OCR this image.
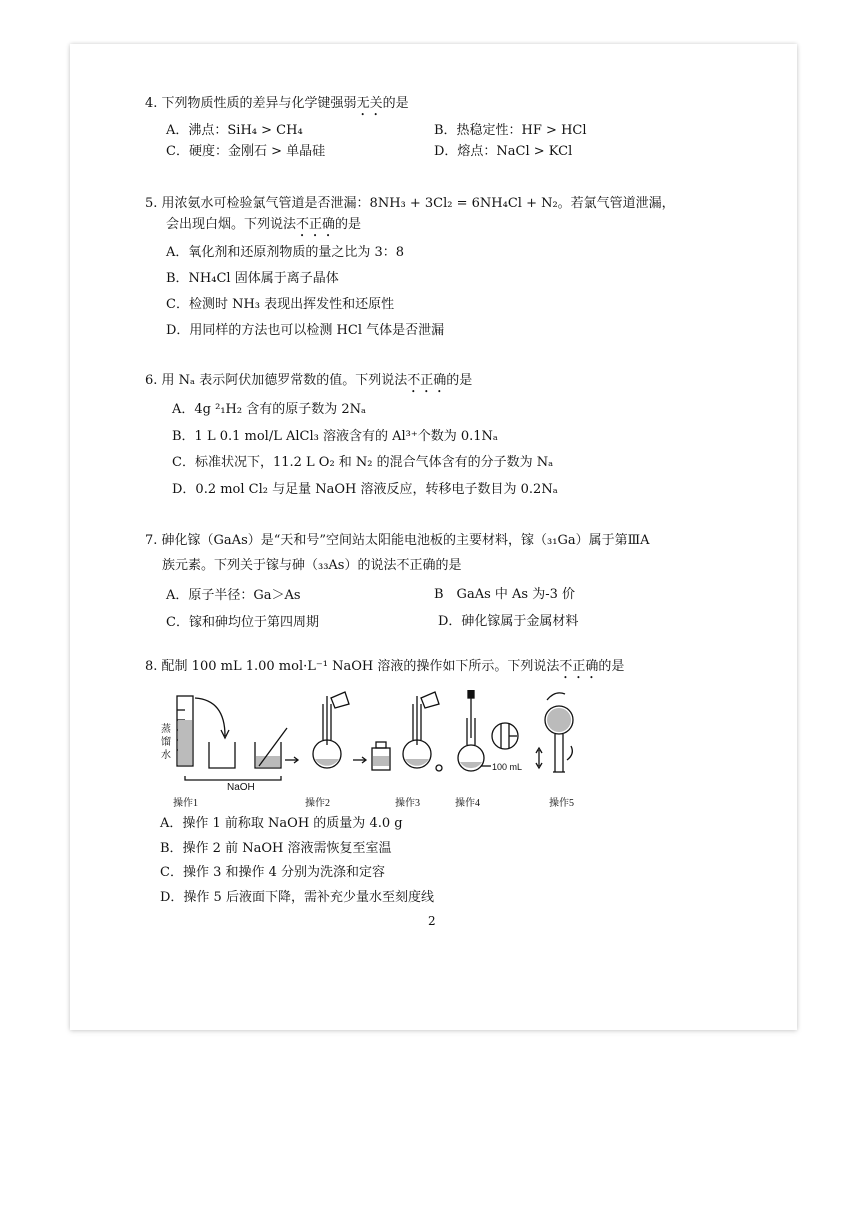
4. 下列物质性质的差异与化学键强弱无关的是
A．沸点：SiH₄ > CH₄	B．热稳定性：HF > HCl
C．硬度：金刚石 > 单晶硅	D．熔点：NaCl > KCl
5. 用浓氨水可检验氯气管道是否泄漏：8NH₃ + 3Cl₂ = 6NH₄Cl + N₂。若氯气管道泄漏，
会出现白烟。下列说法不正确的是
A．氧化剂和还原剂物质的量之比为 3：8
B．NH₄Cl 固体属于离子晶体
C．检测时 NH₃ 表现出挥发性和还原性
D．用同样的方法也可以检测 HCl 气体是否泄漏
6. 用 Nₐ 表示阿伏加德罗常数的值。下列说法不正确的是
A．4g ²₁H₂ 含有的原子数为 2Nₐ
B．1 L 0.1 mol/L AlCl₃ 溶液含有的 Al³⁺个数为 0.1Nₐ
C．标准状况下，11.2 L O₂ 和 N₂ 的混合气体含有的分子数为 Nₐ
D．0.2 mol Cl₂ 与足量 NaOH 溶液反应，转移电子数目为 0.2Nₐ
7. 砷化镓（GaAs）是“天和号”空间站太阳能电池板的主要材料，镓（₃₁Ga）属于第ⅢA
族元素。下列关于镓与砷（₃₃As）的说法不正确的是
A．原子半径：Ga＞As	B　GaAs 中 As 为-3 价
C．镓和砷均位于第四周期	D．砷化镓属于金属材料
8. 配制 100 mL 1.00 mol·L⁻¹ NaOH 溶液的操作如下所示。下列说法不正确的是
蒸
馏
水
NaOH
100 mL
操作1	操作2	操作3	操作4	操作5
A．操作 1 前称取 NaOH 的质量为 4.0 g
B．操作 2 前 NaOH 溶液需恢复至室温
C．操作 3 和操作 4 分别为洗涤和定容
D．操作 5 后液面下降，需补充少量水至刻度线
2
